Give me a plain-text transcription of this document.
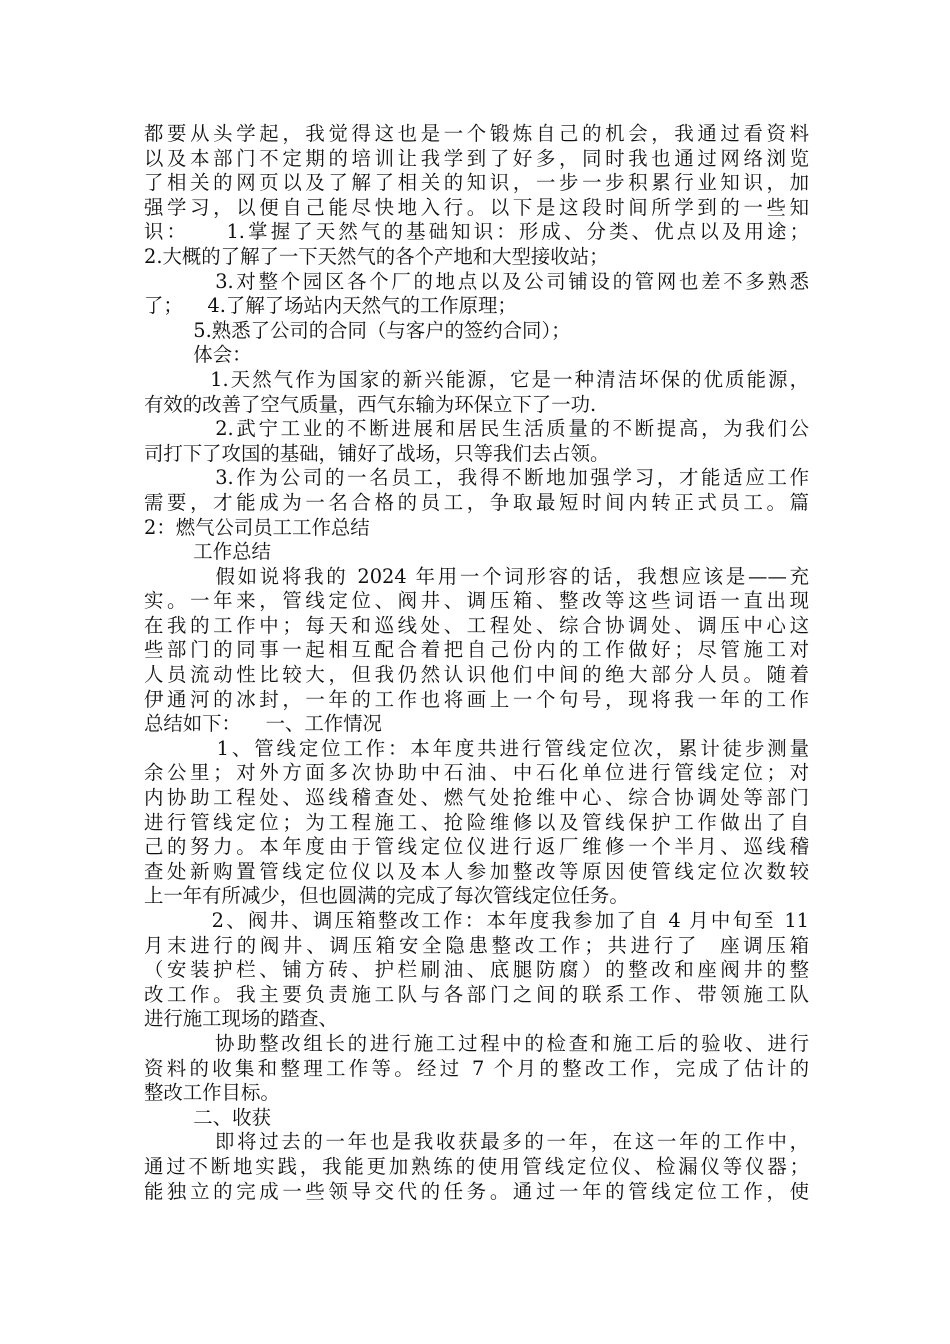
都要从头学起，我觉得这也是一个锻炼自己的机会，我通过看资料
以及本部门不定期的培训让我学到了好多，同时我也通过网络浏览
了相关的网页以及了解了相关的知识，一步一步积累行业知识，加
强学习，以便自己能尽快地入行。以下是这段时间所学到的一些知
识：    1.掌握了天然气的基础知识：形成、分类、优点以及用途；
2.大概的了解了一下天然气的各个产地和大型接收站；
3.对整个园区各个厂的地点以及公司铺设的管网也差不多熟悉
了；    4.了解了场站内天然气的工作原理；
5.熟悉了公司的合同（与客户的签约合同）；
体会：
1.天然气作为国家的新兴能源，它是一种清洁坏保的优质能源，
有效的改善了空气质量，西气东输为环保立下了一功.
2.武宁工业的不断进展和居民生活质量的不断提高，为我们公
司打下了攻国的基础，铺好了战场，只等我们去占领。
3.作为公司的一名员工，我得不断地加强学习，才能适应工作
需要，才能成为一名合格的员工，争取最短时间内转正式员工。篇
2：燃气公司员工工作总结
工作总结
假如说将我的 2024 年用一个词形容的话，我想应该是——充
实。一年来，管线定位、阀井、调压箱、整改等这些词语一直出现
在我的工作中；每天和巡线处、工程处、综合协调处、调压中心这
些部门的同事一起相互配合着把自己份内的工作做好；尽管施工对
人员流动性比较大，但我仍然认识他们中间的绝大部分人员。随着
伊通河的冰封，一年的工作也将画上一个句号，现将我一年的工作
总结如下：    一、工作情况
1、管线定位工作：本年度共进行管线定位次，累计徒步测量
余公里；对外方面多次协助中石油、中石化单位进行管线定位；对
内协助工程处、巡线稽查处、燃气处抢维中心、综合协调处等部门
进行管线定位；为工程施工、抢险维修以及管线保护工作做出了自
己的努力。本年度由于管线定位仪进行返厂维修一个半月、巡线稽
查处新购置管线定位仪以及本人参加整改等原因使管线定位次数较
上一年有所减少，但也圆满的完成了每次管线定位任务。
2、阀井、调压箱整改工作：本年度我参加了自 4 月中旬至 11
月末进行的阀井、调压箱安全隐患整改工作；共进行了  座调压箱
（安装护栏、铺方砖、护栏刷油、底腿防腐）的整改和座阀井的整
改工作。我主要负责施工队与各部门之间的联系工作、带领施工队
进行施工现场的踏查、
协助整改组长的进行施工过程中的检查和施工后的验收、进行
资料的收集和整理工作等。经过 7 个月的整改工作，完成了估计的
整改工作目标。
二、收获
即将过去的一年也是我收获最多的一年，在这一年的工作中，
通过不断地实践，我能更加熟练的使用管线定位仪、检漏仪等仪器；
能独立的完成一些领导交代的任务。通过一年的管线定位工作，使
